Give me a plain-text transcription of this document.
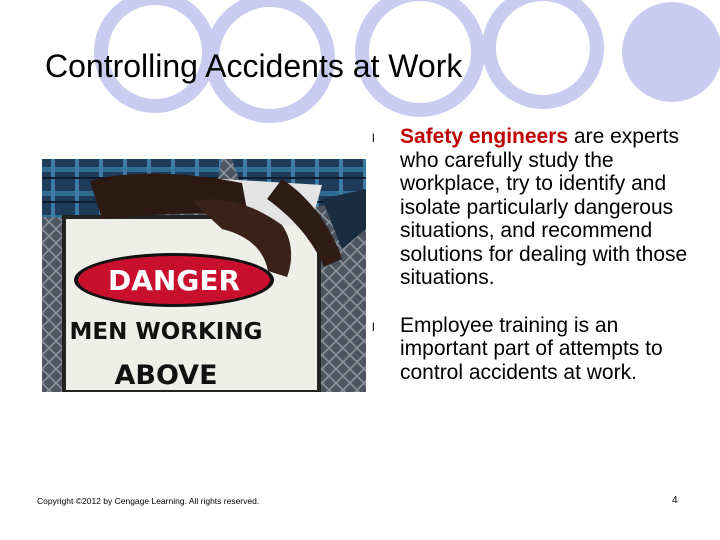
Controlling Accidents at Work
DANGER
MEN WORKING
ABOVE
l Safety engineers are experts who carefully study the workplace, try to identify and isolate particularly dangerous situations, and recommend solutions for dealing with those situations.
l Employee training is an important part of attempts to control accidents at work.
Copyright ©2012 by Cengage Learning. All rights reserved.	4
